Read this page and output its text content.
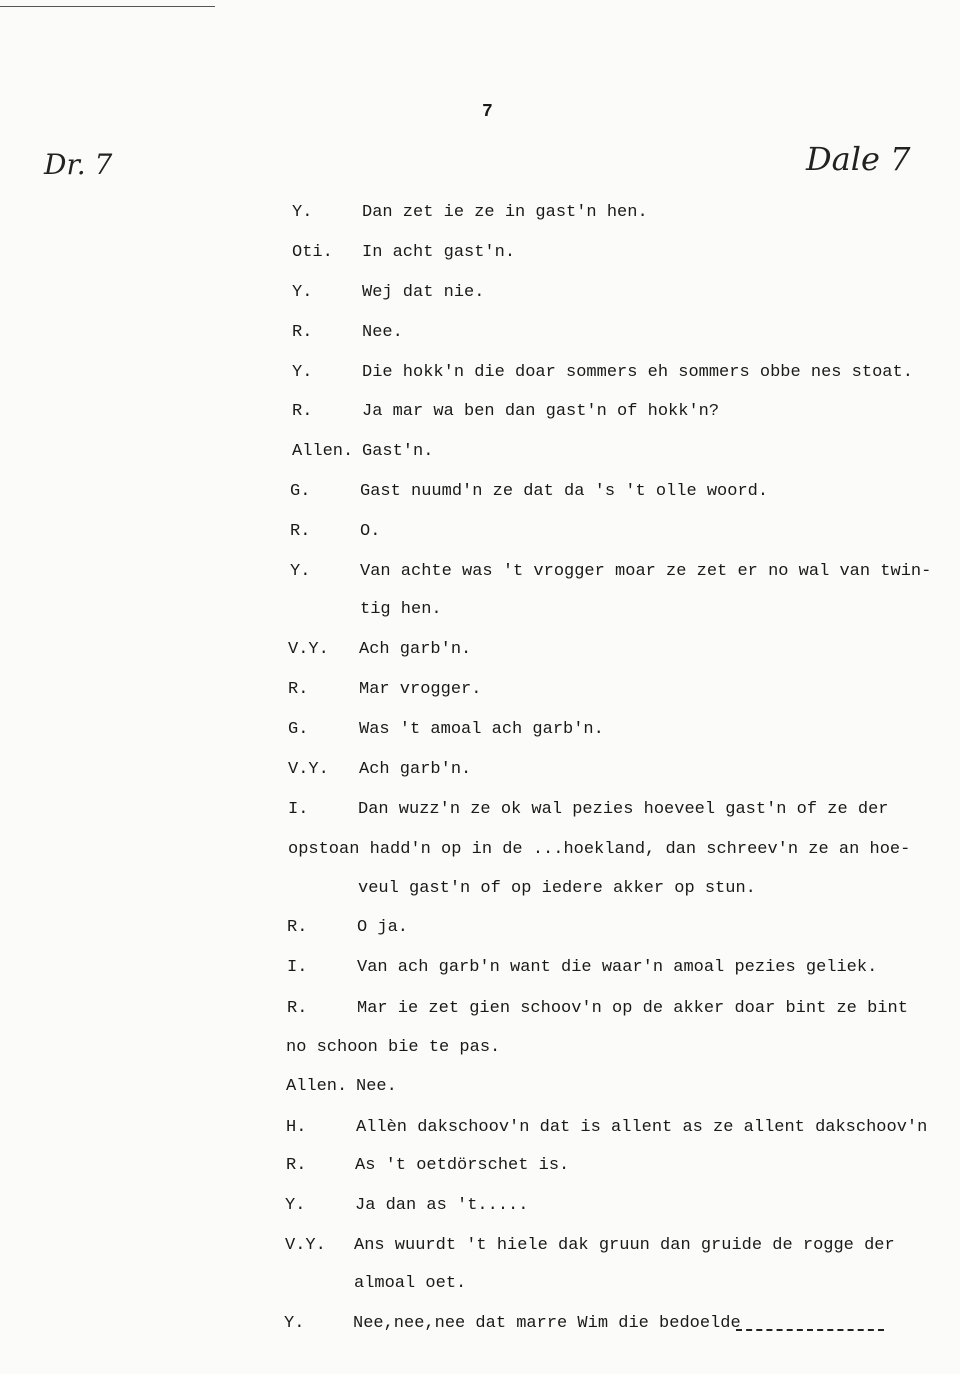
7
Dr. 7	Dale 7
Y.	Dan zet ie ze in gast'n hen.
Oti. In acht gast'n.
Y.	Wej dat nie.
R.	Nee.
Y.	Die hokk'n die doar sommers eh sommers obbe nes stoat.
R.	Ja mar wa ben dan gast'n of hokk'n?
Allen. Gast'n.
G.	Gast nuumd'n ze dat da 's 't olle woord.
R.	O.
Y.	Van achte was 't vrogger moar ze zet er no wal van twin-
tig hen.
V.Y. Ach garb'n.
R.	Mar vrogger.
G.	Was 't amoal ach garb'n.
V.Y. Ach garb'n.
I.	Dan wuzz'n ze ok wal pezies hoeveel gast'n of ze der
opstoan hadd'n op in de ...hoekland, dan schreev'n ze an hoe-
veul gast'n of op iedere akker op stun.
R.	O ja.
I.	Van ach garb'n want die waar'n amoal pezies geliek.
R.	Mar ie zet gien schoov'n op de akker doar bint ze bint
no schoon bie te pas.
Allen. Nee.
H.	Allèn dakschoov'n dat is allent as ze allent dakschoov'n
R.	As 't oetdörschet is.
Y.	Ja dan as 't.....
V.Y. Ans wuurdt 't hiele dak gruun dan gruide de rogge der
almoal oet.
Y.	Nee,nee,nee dat marre Wim die bedoelde
